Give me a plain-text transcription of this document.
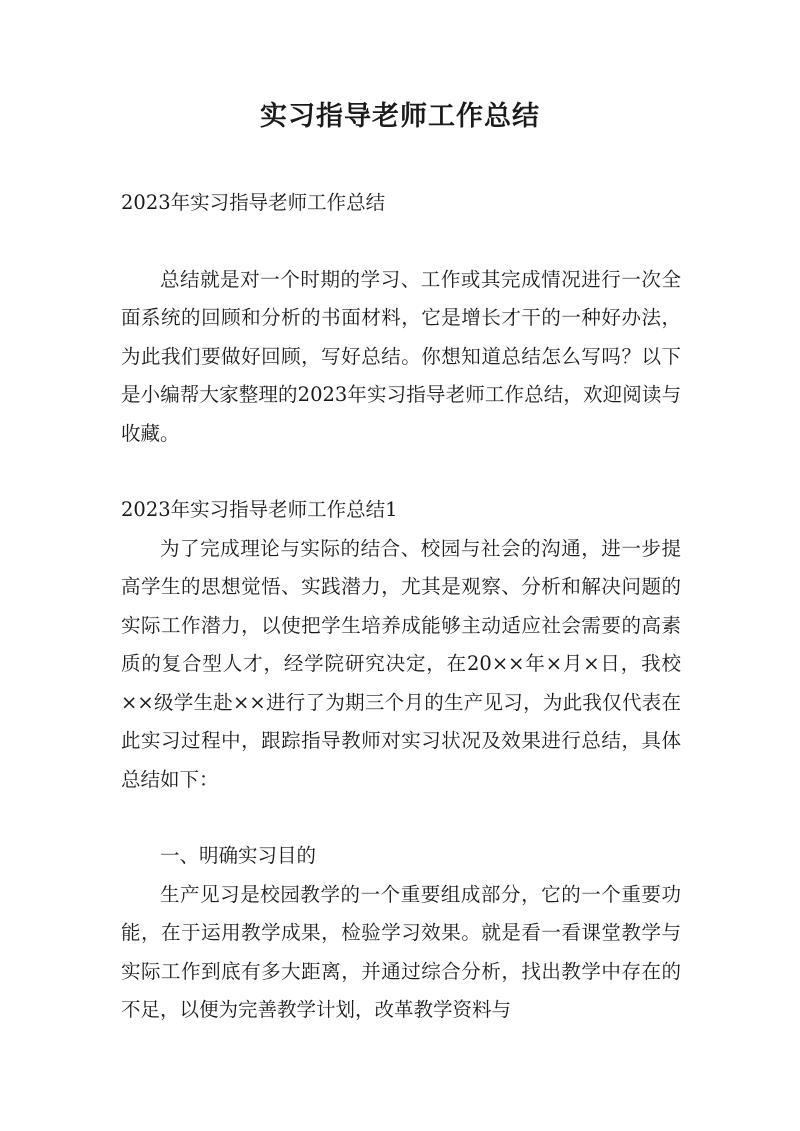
实习指导老师工作总结

2023年实习指导老师工作总结

总结就是对一个时期的学习、工作或其完成情况进行一次全面系统的回顾和分析的书面材料，它是增长才干的一种好办法，为此我们要做好回顾，写好总结。你想知道总结怎么写吗？以下是小编帮大家整理的2023年实习指导老师工作总结，欢迎阅读与收藏。

2023年实习指导老师工作总结1

为了完成理论与实际的结合、校园与社会的沟通，进一步提高学生的思想觉悟、实践潜力，尤其是观察、分析和解决问题的实际工作潜力，以使把学生培养成能够主动适应社会需要的高素质的复合型人才，经学院研究决定，在20××年×月×日，我校××级学生赴××进行了为期三个月的生产见习，为此我仅代表在此实习过程中，跟踪指导教师对实习状况及效果进行总结，具体总结如下：

一、明确实习目的

生产见习是校园教学的一个重要组成部分，它的一个重要功能，在于运用教学成果，检验学习效果。就是看一看课堂教学与实际工作到底有多大距离，并通过综合分析，找出教学中存在的不足，以便为完善教学计划，改革教学资料与
